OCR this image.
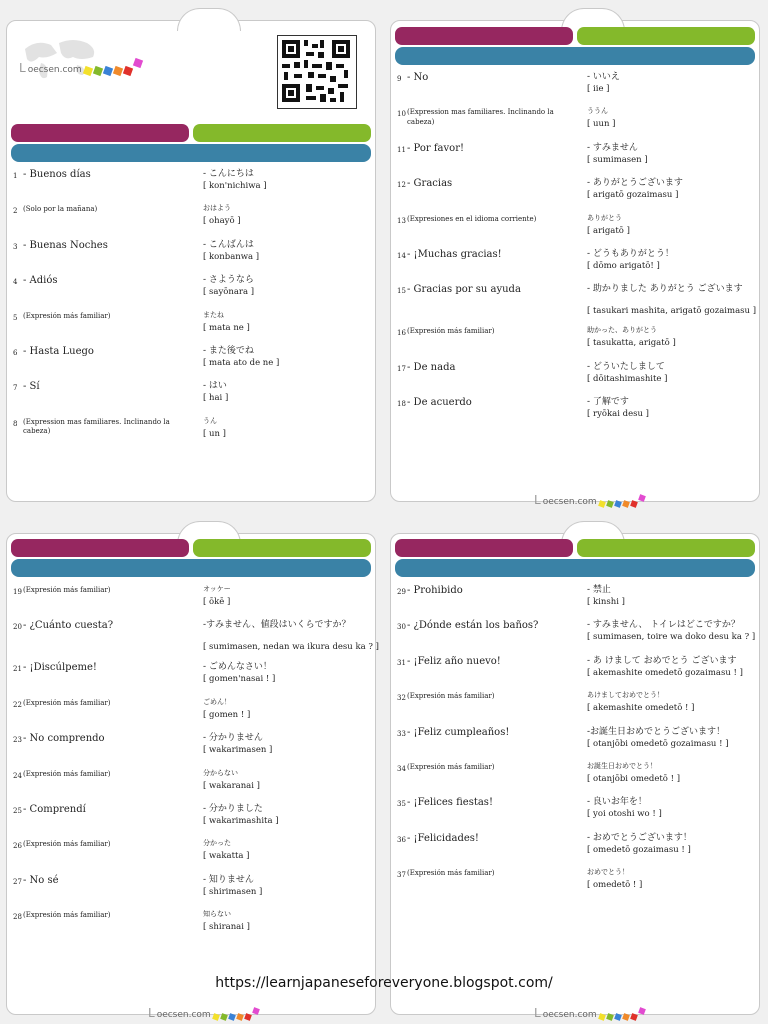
L oecsen.com
1 - Buenos días	- こんにちは
[ kon'nichiwa ]
2 (Solo por la mañana)	おはよう
[ ohayō ]
3 - Buenas Noches	- こんばんは
[ konbanwa ]
4 - Adiós	- さようなら
[ sayōnara ]
5 (Expresión más familiar)	またね
[ mata ne ]
6 - Hasta Luego	- また後でね
[ mata ato de ne ]
7 - Sí	- はい
[ hai ]
8 (Expression mas familiares. Inclinando la cabeza)
うん
[ un ]
9 - No	- いいえ
[ iie ]
10 (Expression mas familiares. Inclinando la cabeza)
ううん
[ uun ]
11 - Por favor!	- すみません
[ sumimasen ]
12 - Gracias	- ありがとうございます
[ arigatō gozaimasu ]
13 (Expresiones en el idioma corriente)	ありがとう
[ arigatō ]
14 - ¡Muchas gracias!	- どうもありがとう！
[ dōmo arigatō! ]
15 - Gracias por su ayuda	- 助かりました ありがとう ございます
[ tasukari mashita, arigatō gozaimasu ]
16 (Expresión más familiar)	助かった、ありがとう
[ tasukatta, arigatō ]
17 - De nada	- どういたしまして
[ dōitashimashite ]
18 - De acuerdo	- 了解です
[ ryōkai desu ]
L oecsen.com
19 (Expresión más familiar)	オッケー
[ ōkē ]
20 - ¿Cuánto cuesta?	-すみません、値段はいくらですか？
[ sumimasen, nedan wa ikura desu ka ? ]
21 - ¡Discúlpeme!	- ごめんなさい！
[ gomen'nasai ! ]
22 (Expresión más familiar)	ごめん！
[ gomen ! ]
23 - No comprendo	- 分かりません
[ wakarimasen ]
24 (Expresión más familiar)	分からない
[ wakaranai ]
25 - Comprendí	- 分かりました
[ wakarimashita ]
26 (Expresión más familiar)	分かった
[ wakatta ]
27 - No sé	- 知りません
[ shirimasen ]
28 (Expresión más familiar)	知らない
[ shiranai ]
L oecsen.com
29 - Prohibido	- 禁止
[ kinshi ]
30 - ¿Dónde están los baños?	- すみません、 トイレはどこですか？
[ sumimasen, toire wa doko desu ka ? ]
31 - ¡Feliz año nuevo!	- あ けまして おめでとう ございます
[ akemashite omedetō gozaimasu ! ]
32 (Expresión más familiar)	あけましておめでとう！
[ akemashite omedetō ! ]
33 - ¡Feliz cumpleaños!	-お誕生日おめでとうございます！
[ otanjōbi omedetō gozaimasu ! ]
34 (Expresión más familiar)	お誕生日おめでとう！
[ otanjōbi omedetō ! ]
35 - ¡Felices fiestas!	- 良いお年を！
[ yoi otoshi wo ! ]
36 - ¡Felicidades!	- おめでとうございます！
[ omedetō gozaimasu ! ]
37 (Expresión más familiar)	おめでとう！
[ omedetō ! ]
L oecsen.com
https://learnjapaneseforeveryone.blogspot.com/
